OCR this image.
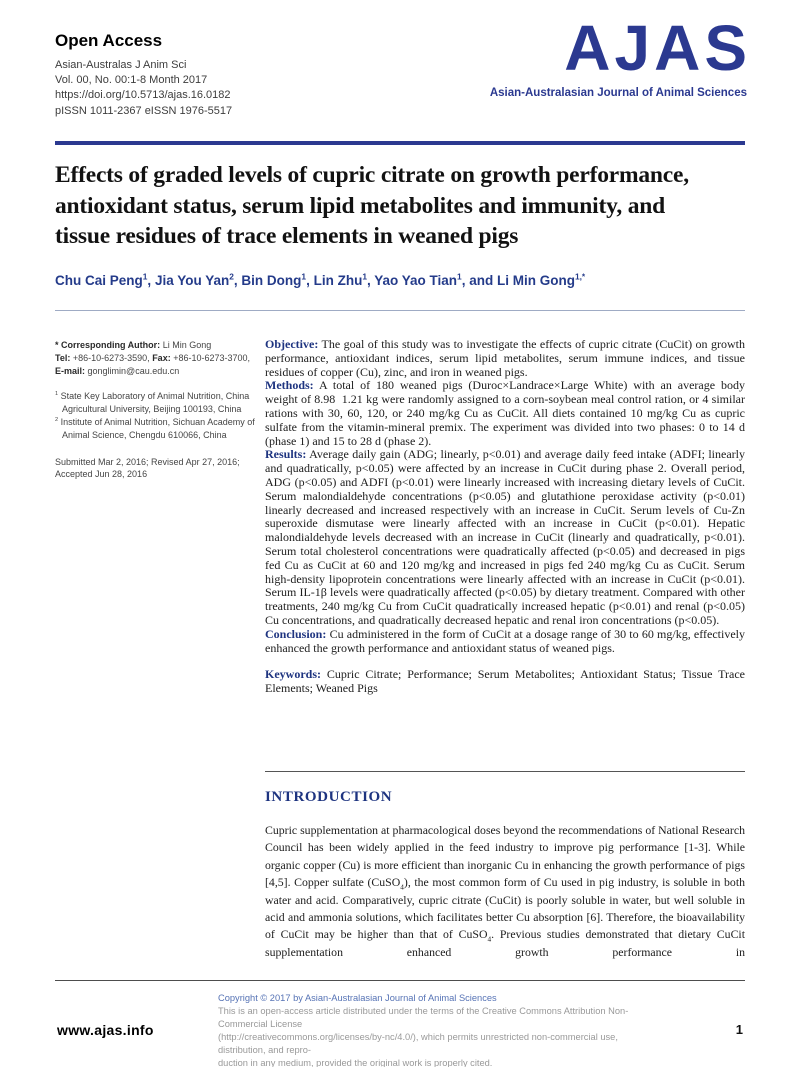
Open Access
Asian-Australas J Anim Sci
Vol. 00, No. 00:1-8 Month 2017
https://doi.org/10.5713/ajas.16.0182
pISSN 1011-2367 eISSN 1976-5517
AJAS
Asian-Australasian Journal of Animal Sciences
Effects of graded levels of cupric citrate on growth performance,
antioxidant status, serum lipid metabolites and immunity, and
tissue residues of trace elements in weaned pigs
Chu Cai Peng$^1$, Jia You Yan$^2$, Bin Dong$^1$, Lin Zhu$^1$, Yao Yao Tian$^1$, and Li Min Gong$^{1,*}$
* Corresponding Author: Li Min Gong
Tel: +86-10-6273-3590, Fax: +86-10-6273-3700,
E-mail: gonglimin@cau.edu.cn
$^1$ State Key Laboratory of Animal Nutrition, China Agricultural University, Beijing 100193, China
$^2$ Institute of Animal Nutrition, Sichuan Academy of Animal Science, Chengdu 610066, China
Submitted Mar 2, 2016; Revised Apr 27, 2016;
Accepted Jun 28, 2016

Objective: The goal of this study was to investigate the effects of cupric citrate (CuCit) on growth performance, antioxidant indices, serum lipid metabolites, serum immune indices, and tissue residues of copper (Cu), zinc, and iron in weaned pigs.

Methods: A total of 180 weaned pigs (Duroc×Landrace×Large White) with an average body weight of 8.98  1.21 kg were randomly assigned to a corn-soybean meal control ration, or 4 similar rations with 30, 60, 120, or 240 mg/kg Cu as CuCit. All diets contained 10 mg/kg Cu as cupric sulfate from the vitamin-mineral premix. The experiment was divided into two phases: 0 to 14 d (phase 1) and 15 to 28 d (phase 2).

Results: Average daily gain (ADG; linearly, p<0.01) and average daily feed intake (ADFI; linearly and quadratically, p<0.05) were affected by an increase in CuCit during phase 2. Overall period, ADG (p<0.05) and ADFI (p<0.01) were linearly increased with increasing dietary levels of CuCit. Serum malondialdehyde concentrations (p<0.05) and glutathione peroxidase activity (p<0.01) linearly decreased and increased respectively with an increase in CuCit. Serum levels of Cu-Zn superoxide dismutase were linearly affected with an increase in CuCit (p<0.01). Hepatic malondialdehyde levels decreased with an increase in CuCit (linearly and quadratically, p<0.01). Serum total cholesterol concentrations were quadratically affected (p<0.05) and decreased in pigs fed Cu as CuCit at 60 and 120 mg/kg and increased in pigs fed 240 mg/kg Cu as CuCit. Serum high-density lipoprotein concentrations were linearly affected with an increase in CuCit (p<0.01). Serum IL-1β levels were quadratically affected (p<0.05) by dietary treatment. Compared with other treatments, 240 mg/kg Cu from CuCit quadratically increased hepatic (p<0.01) and renal (p<0.05) Cu concentrations, and quadratically decreased hepatic and renal iron concentrations (p<0.05).

Conclusion: Cu administered in the form of CuCit at a dosage range of 30 to 60 mg/kg, effectively enhanced the growth performance and antioxidant status of weaned pigs.

Keywords: Cupric Citrate; Performance; Serum Metabolites; Antioxidant Status; Tissue Trace Elements; Weaned Pigs

INTRODUCTION
Cupric supplementation at pharmacological doses beyond the recommendations of National Research Council has been widely applied in the feed industry to improve pig performance [1-3]. While organic copper (Cu) is more efficient than inorganic Cu in enhancing the growth performance of pigs [4,5]. Copper sulfate (CuSO$_4$), the most common form of Cu used in pig industry, is soluble in both water and acid. Comparatively, cupric citrate (CuCit) is poorly soluble in water, but well soluble in acid and ammonia solutions, which facilitates better Cu absorption [6]. Therefore, the bioavailability of CuCit may be higher than that of CuSO$_4$. Previous studies demonstrated that dietary CuCit supplementation enhanced growth performance in
www.ajas.info
Copyright © 2017 by Asian-Australasian Journal of Animal Sciences
This is an open-access article distributed under the terms of the Creative Commons Attribution Non-Commercial License
(http://creativecommons.org/licenses/by-nc/4.0/), which permits unrestricted non-commercial use, distribution, and repro-
duction in any medium, provided the original work is properly cited.
1
